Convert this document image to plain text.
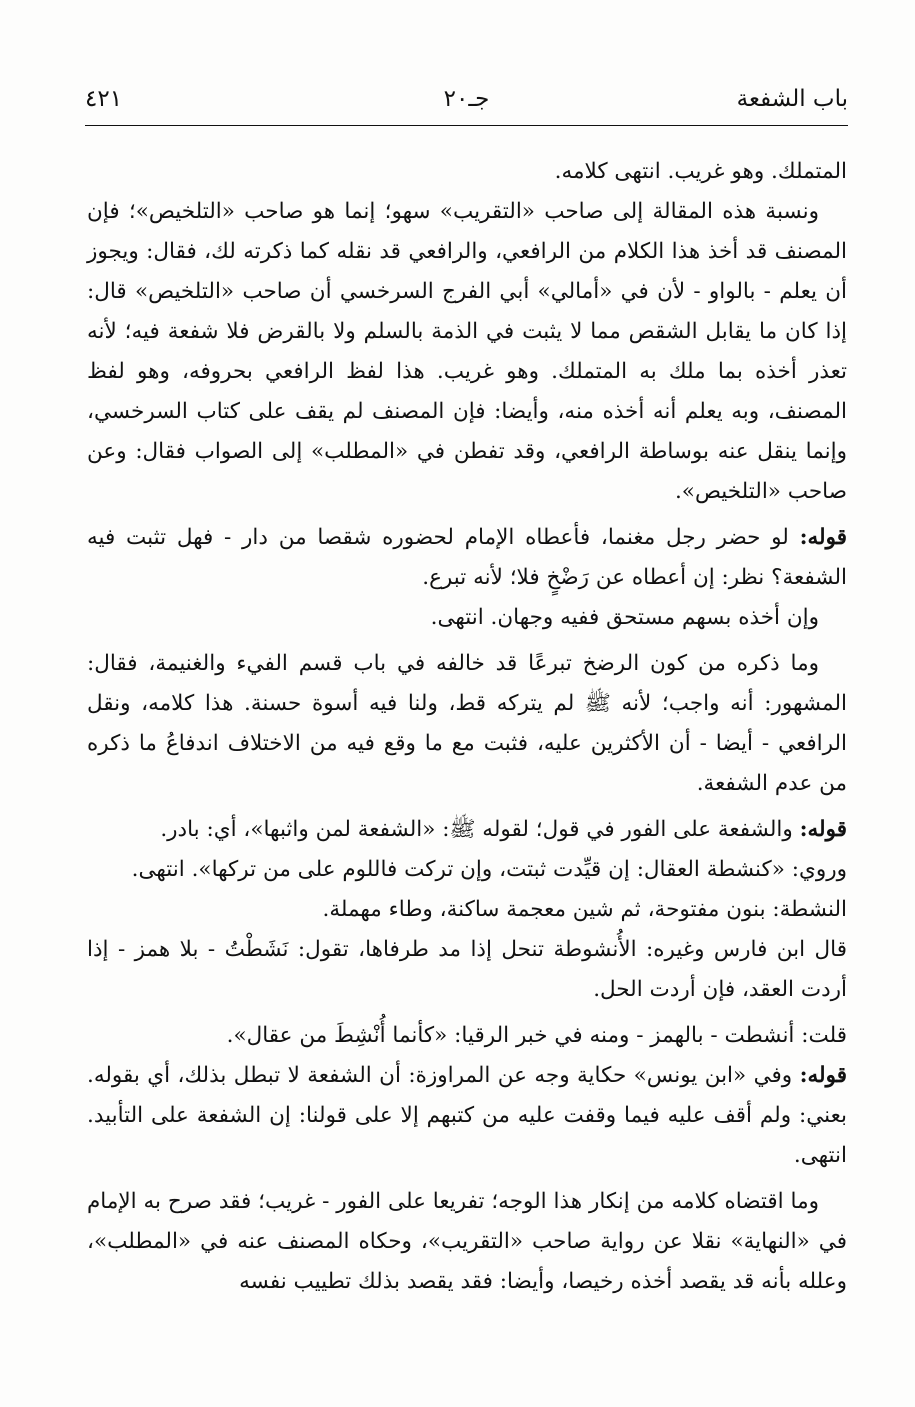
باب الشفعة
جـ٢٠
٤٢١

المتملك. وهو غريب. انتهى كلامه.

ونسبة هذه المقالة إلى صاحب «التقريب» سهو؛ إنما هو صاحب «التلخيص»؛ فإن المصنف قد أخذ هذا الكلام من الرافعي، والرافعي قد نقله كما ذكرته لك، فقال: ويجوز أن يعلم - بالواو - لأن في «أمالي» أبي الفرج السرخسي أن صاحب «التلخيص» قال: إذا كان ما يقابل الشقص مما لا يثبت في الذمة بالسلم ولا بالقرض فلا شفعة فيه؛ لأنه تعذر أخذه بما ملك به المتملك. وهو غريب. هذا لفظ الرافعي بحروفه، وهو لفظ المصنف، وبه يعلم أنه أخذه منه، وأيضا: فإن المصنف لم يقف على كتاب السرخسي، وإنما ينقل عنه بوساطة الرافعي، وقد تفطن في «المطلب» إلى الصواب فقال: وعن صاحب «التلخيص».

قوله: لو حضر رجل مغنما، فأعطاه الإمام لحضوره شقصا من دار - فهل تثبت فيه الشفعة؟ نظر: إن أعطاه عن رَضْخٍ فلا؛ لأنه تبرع.

وإن أخذه بسهم مستحق ففيه وجهان. انتهى.

وما ذكره من كون الرضخ تبرعًا قد خالفه في باب قسم الفيء والغنيمة، فقال: المشهور: أنه واجب؛ لأنه ﷺ لم يتركه قط، ولنا فيه أسوة حسنة. هذا كلامه، ونقل الرافعي - أيضا - أن الأكثرين عليه، فثبت مع ما وقع فيه من الاختلاف اندفاعُ ما ذكره من عدم الشفعة.

قوله: والشفعة على الفور في قول؛ لقوله ﷺ: «الشفعة لمن واثبها»، أي: بادر.

وروي: «كنشطة العقال: إن قيِّدت ثبتت، وإن تركت فاللوم على من تركها». انتهى.

النشطة: بنون مفتوحة، ثم شين معجمة ساكنة، وطاء مهملة.

قال ابن فارس وغيره: الأُنشوطة تنحل إذا مد طرفاها، تقول: نَشَطْتُ - بلا همز - إذا أردت العقد، فإن أردت الحل.

قلت: أنشطت - بالهمز - ومنه في خبر الرقيا: «كأنما أُنْشِطَ من عقال».

قوله: وفي «ابن يونس» حكاية وجه عن المراوزة: أن الشفعة لا تبطل بذلك، أي بقوله. بعني: ولم أقف عليه فيما وقفت عليه من كتبهم إلا على قولنا: إن الشفعة على التأبيد. انتهى.

وما اقتضاه كلامه من إنكار هذا الوجه؛ تفريعا على الفور - غريب؛ فقد صرح به الإمام في «النهاية» نقلا عن رواية صاحب «التقريب»، وحكاه المصنف عنه في «المطلب»، وعلله بأنه قد يقصد أخذه رخيصا، وأيضا: فقد يقصد بذلك تطييب نفسه
